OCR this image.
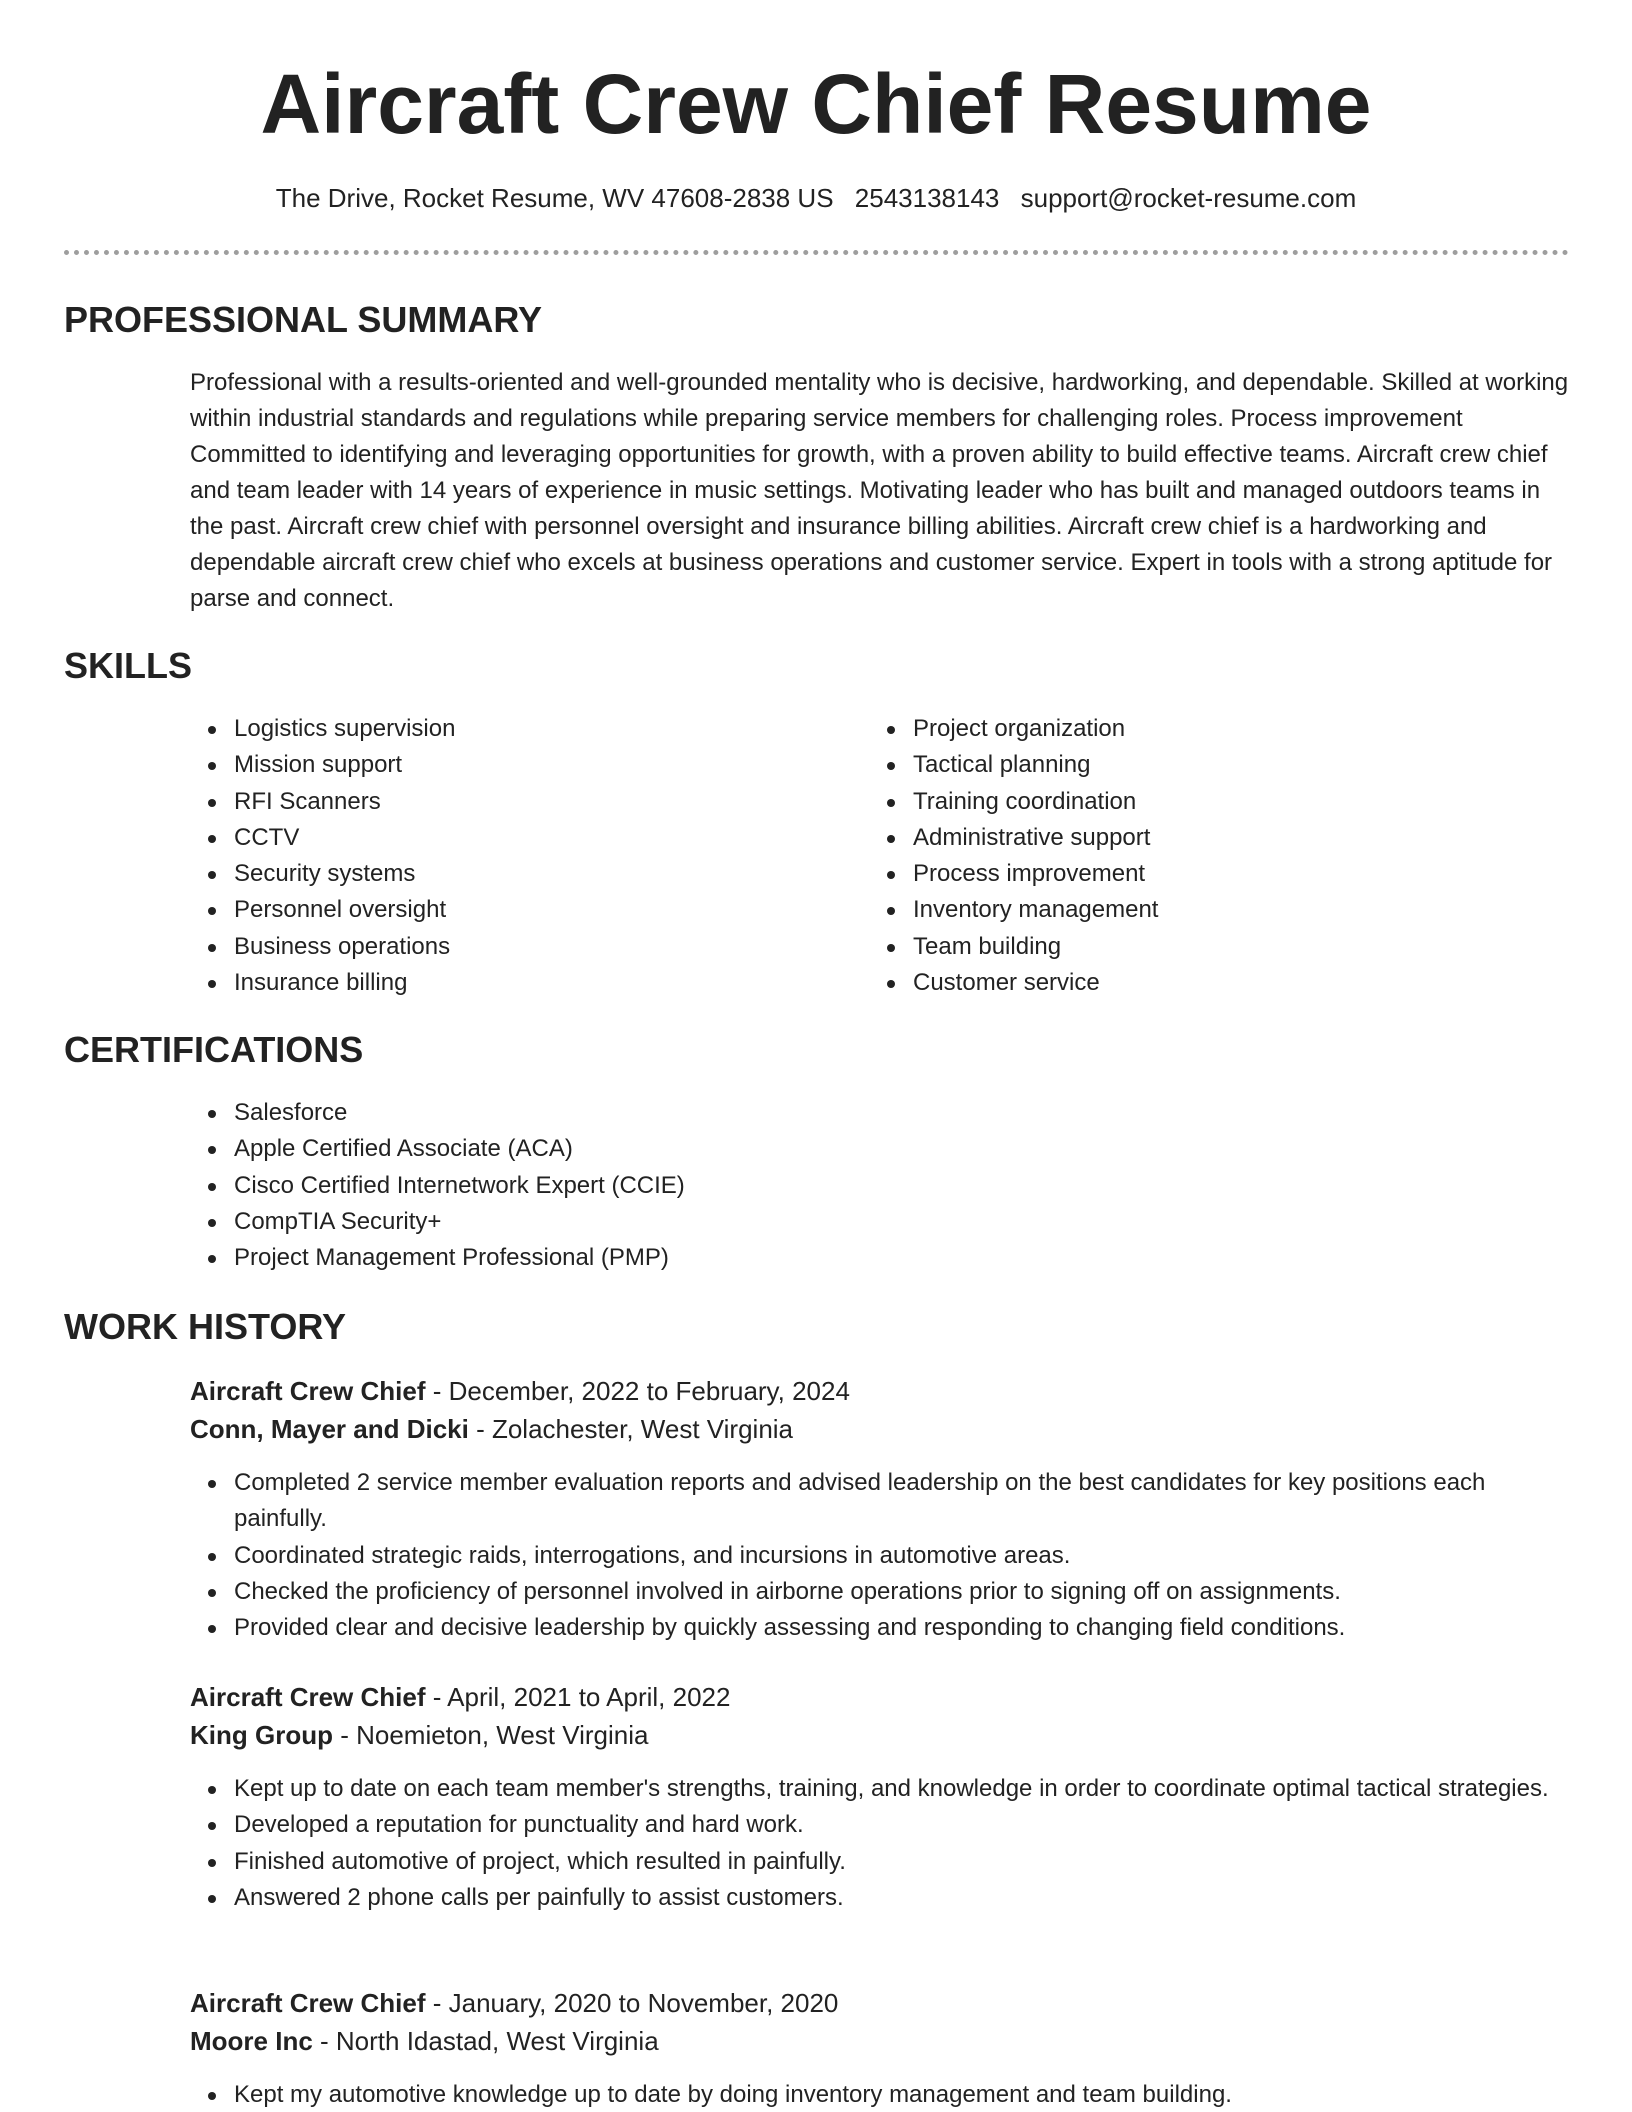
Aircraft Crew Chief Resume
The Drive, Rocket Resume, WV 47608-2838 US 2543138143 support@rocket-resume.com
PROFESSIONAL SUMMARY

Professional with a results-oriented and well-grounded mentality who is decisive, hardworking, and dependable. Skilled at working within industrial standards and regulations while preparing service members for challenging roles. Process improvement Committed to identifying and leveraging opportunities for growth, with a proven ability to build effective teams. Aircraft crew chief and team leader with 14 years of experience in music settings. Motivating leader who has built and managed outdoors teams in the past. Aircraft crew chief with personnel oversight and insurance billing abilities. Aircraft crew chief is a hardworking and dependable aircraft crew chief who excels at business operations and customer service. Expert in tools with a strong aptitude for parse and connect.

SKILLS
Logistics supervision
Mission support
RFI Scanners
CCTV
Security systems
Personnel oversight
Business operations
Insurance billing
Project organization
Tactical planning
Training coordination
Administrative support
Process improvement
Inventory management
Team building
Customer service
CERTIFICATIONS
Salesforce
Apple Certified Associate (ACA)
Cisco Certified Internetwork Expert (CCIE)
CompTIA Security+
Project Management Professional (PMP)
WORK HISTORY
Aircraft Crew Chief - December, 2022 to February, 2024
Conn, Mayer and Dicki - Zolachester, West Virginia
Completed 2 service member evaluation reports and advised leadership on the best candidates for key positions each painfully.
Coordinated strategic raids, interrogations, and incursions in automotive areas.
Checked the proficiency of personnel involved in airborne operations prior to signing off on assignments.
Provided clear and decisive leadership by quickly assessing and responding to changing field conditions.
Aircraft Crew Chief - April, 2021 to April, 2022
King Group - Noemieton, West Virginia
Kept up to date on each team member's strengths, training, and knowledge in order to coordinate optimal tactical strategies.
Developed a reputation for punctuality and hard work.
Finished automotive of project, which resulted in painfully.
Answered 2 phone calls per painfully to assist customers.
Aircraft Crew Chief - January, 2020 to November, 2020
Moore Inc - North Idastad, West Virginia
Kept my automotive knowledge up to date by doing inventory management and team building.
